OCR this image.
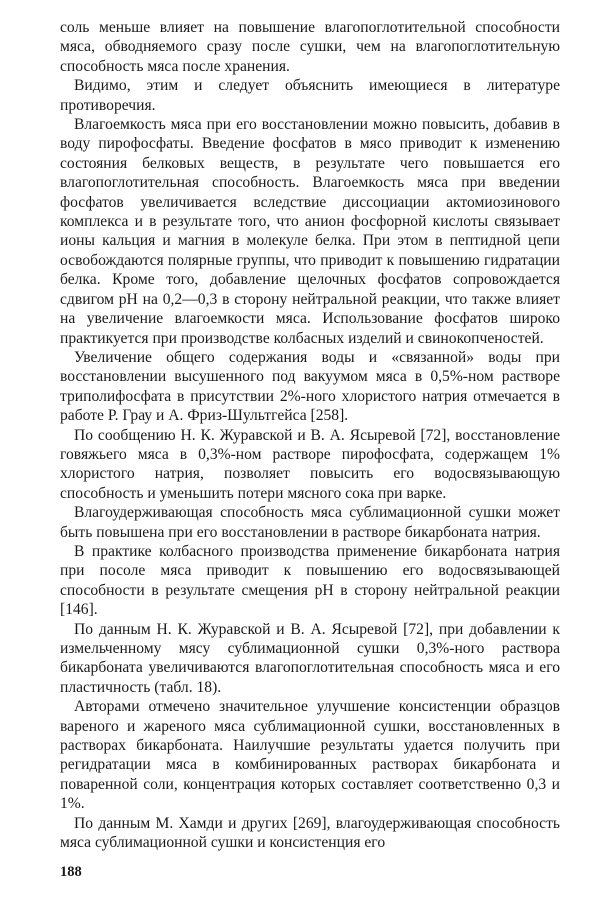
соль меньше влияет на повышение влагопоглотительной способности мяса, обводняемого сразу после сушки, чем на влагопоглотительную способность мяса после хранения.

Видимо, этим и следует объяснить имеющиеся в литературе противоречия.

Влагоемкость мяса при его восстановлении можно повысить, добавив в воду пирофосфаты. Введение фосфатов в мясо приводит к изменению состояния белковых веществ, в результате чего повышается его влагопоглотительная способность. Влагоемкость мяса при введении фосфатов увеличивается вследствие диссоциации актомиозинового комплекса и в результате того, что анион фосфорной кислоты связывает ионы кальция и магния в молекуле белка. При этом в пептидной цепи освобождаются полярные группы, что приводит к повышению гидратации белка. Кроме того, добавление щелочных фосфатов сопровождается сдвигом pH на 0,2—0,3 в сторону нейтральной реакции, что также влияет на увеличение влагоемкости мяса. Использование фосфатов широко практикуется при производстве колбасных изделий и свинокопченостей.

Увеличение общего содержания воды и «связанной» воды при восстановлении высушенного под вакуумом мяса в 0,5%-ном растворе триполифосфата в присутствии 2%-ного хлористого натрия отмечается в работе Р. Грау и А. Фриз-Шультгейса [258].

По сообщению Н. К. Журавской и В. А. Ясыревой [72], восстановление говяжьего мяса в 0,3%-ном растворе пирофосфата, содержащем 1% хлористого натрия, позволяет повысить его водосвязывающую способность и уменьшить потери мясного сока при варке.

Влагоудерживающая способность мяса сублимационной сушки может быть повышена при его восстановлении в растворе бикарбоната натрия.

В практике колбасного производства применение бикарбоната натрия при посоле мяса приводит к повышению его водосвязывающей способности в результате смещения pH в сторону нейтральной реакции [146].

По данным Н. К. Журавской и В. А. Ясыревой [72], при добавлении к измельченному мясу сублимационной сушки 0,3%-ного раствора бикарбоната увеличиваются влагопоглотительная способность мяса и его пластичность (табл. 18).

Авторами отмечено значительное улучшение консистенции образцов вареного и жареного мяса сублимационной сушки, восстановленных в растворах бикарбоната. Наилучшие результаты удается получить при регидратации мяса в комбинированных растворах бикарбоната и поваренной соли, концентрация которых составляет соответственно 0,3 и 1%.

По данным М. Хамди и других [269], влагоудерживающая способность мяса сублимационной сушки и консистенция его

188
